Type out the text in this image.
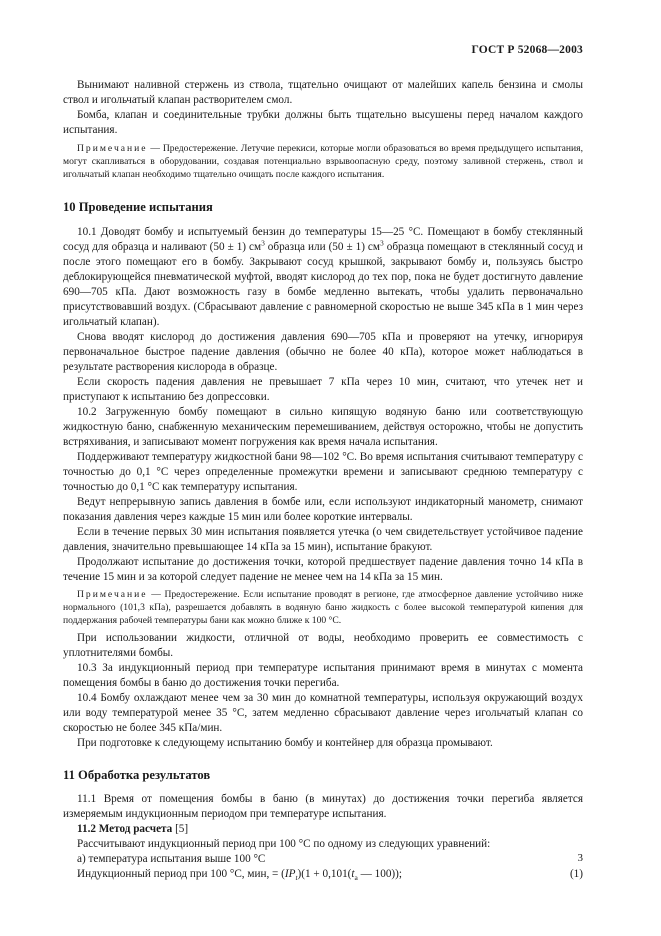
ГОСТ Р 52068—2003

Вынимают наливной стержень из ствола, тщательно очищают от малейших капель бензина и смолы ствол и игольчатый клапан растворителем смол.

Бомба, клапан и соединительные трубки должны быть тщательно высушены перед началом каждого испытания.

Примечание — Предостережение. Летучие перекиси, которые могли образоваться во время предыдущего испытания, могут скапливаться в оборудовании, создавая потенциально взрывоопасную среду, поэтому заливной стержень, ствол и игольчатый клапан необходимо тщательно очищать после каждого испытания.

10 Проведение испытания

10.1 Доводят бомбу и испытуемый бензин до температуры 15—25 °С. Помещают в бомбу стеклянный сосуд для образца и наливают (50 ± 1) $см^3$ образца или (50 ± 1) $см^3$ образца помещают в стеклянный сосуд и после этого помещают его в бомбу. Закрывают сосуд крышкой, закрывают бомбу и, пользуясь быстро деблокирующейся пневматической муфтой, вводят кислород до тех пор, пока не будет достигнуто давление 690—705 кПа. Дают возможность газу в бомбе медленно вытекать, чтобы удалить первоначально присутствовавший воздух. (Сбрасывают давление с равномерной скоростью не выше 345 кПа в 1 мин через игольчатый клапан).

Снова вводят кислород до достижения давления 690—705 кПа и проверяют на утечку, игнорируя первоначальное быстрое падение давления (обычно не более 40 кПа), которое может наблюдаться в результате растворения кислорода в образце.

Если скорость падения давления не превышает 7 кПа через 10 мин, считают, что утечек нет и приступают к испытанию без допрессовки.

10.2 Загруженную бомбу помещают в сильно кипящую водяную баню или соответствующую жидкостную баню, снабженную механическим перемешиванием, действуя осторожно, чтобы не допустить встряхивания, и записывают момент погружения как время начала испытания.

Поддерживают температуру жидкостной бани 98—102 °С. Во время испытания считывают температуру с точностью до 0,1 °С через определенные промежутки времени и записывают среднюю температуру с точностью до 0,1 °С как температуру испытания.

Ведут непрерывную запись давления в бомбе или, если используют индикаторный манометр, снимают показания давления через каждые 15 мин или более короткие интервалы.

Если в течение первых 30 мин испытания появляется утечка (о чем свидетельствует устойчивое падение давления, значительно превышающее 14 кПа за 15 мин), испытание бракуют.

Продолжают испытание до достижения точки, которой предшествует падение давления точно 14 кПа в течение 15 мин и за которой следует падение не менее чем на 14 кПа за 15 мин.

Примечание — Предостережение. Если испытание проводят в регионе, где атмосферное давление устойчиво ниже нормального (101,3 кПа), разрешается добавлять в водяную баню жидкость с более высокой температурой кипения для поддержания рабочей температуры бани как можно ближе к 100 °С.

При использовании жидкости, отличной от воды, необходимо проверить ее совместимость с уплотнителями бомбы.

10.3 За индукционный период при температуре испытания принимают время в минутах с момента помещения бомбы в баню до достижения точки перегиба.

10.4 Бомбу охлаждают менее чем за 30 мин до комнатной температуры, используя окружающий воздух или воду температурой менее 35 °С, затем медленно сбрасывают давление через игольчатый клапан со скоростью не более 345 кПа/мин.

При подготовке к следующему испытанию бомбу и контейнер для образца промывают.

11 Обработка результатов

11.1 Время от помещения бомбы в баню (в минутах) до достижения точки перегиба является измеряемым индукционным периодом при температуре испытания.

11.2 Метод расчета [5]

Рассчитывают индукционный период при 100 °С по одному из следующих уравнений:

а) температура испытания выше 100 °С

Индукционный период при 100 °С, мин, = $(IP_t)(1 + 0,101(t_a$ — 100));	(1)

3
